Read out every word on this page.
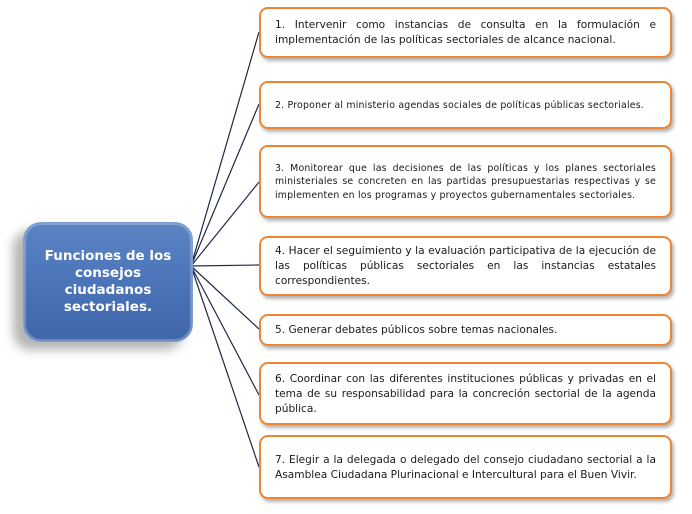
Funciones de los consejos ciudadanos sectoriales.
1. Intervenir como instancias de consulta en la formulación e implementación de las políticas sectoriales de alcance nacional.
2. Proponer al ministerio agendas sociales de políticas públicas sectoriales.
3. Monitorear que las decisiones de las políticas y los planes sectoriales ministeriales se concreten en las partidas presupuestarias respectivas y se implementen en los programas y proyectos gubernamentales sectoriales.
4. Hacer el seguimiento y la evaluación participativa de la ejecución de las políticas públicas sectoriales en las instancias estatales correspondientes.
5. Generar debates públicos sobre temas nacionales.
6. Coordinar con las diferentes instituciones públicas y privadas en el tema de su responsabilidad para la concreción sectorial de la agenda pública.
7. Elegir a la delegada o delegado del consejo ciudadano sectorial a la Asamblea Ciudadana Plurinacional e Intercultural para el Buen Vivir.
